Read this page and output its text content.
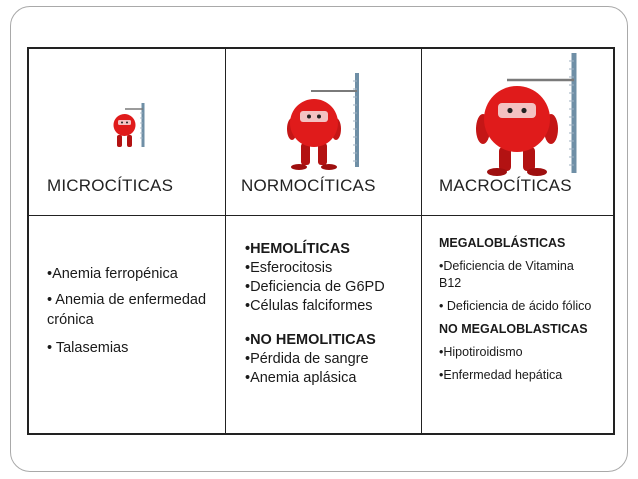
MICROCÍTICAS	NORMOCÍTICAS	MACROCÍTICAS

•Anemia ferropénica

• Anemia de enfermedad

crónica

• Talasemias

•HEMOLÍTICAS

•Esferocitosis

•Deficiencia de G6PD

•Células falciformes

•NO HEMOLITICAS

•Pérdida de sangre

•Anemia aplásica

MEGALOBLÁSTICAS

•Deficiencia de Vitamina

B12

• Deficiencia de ácido fólico

NO MEGALOBLASTICAS

•Hipotiroidismo

•Enfermedad hepática
